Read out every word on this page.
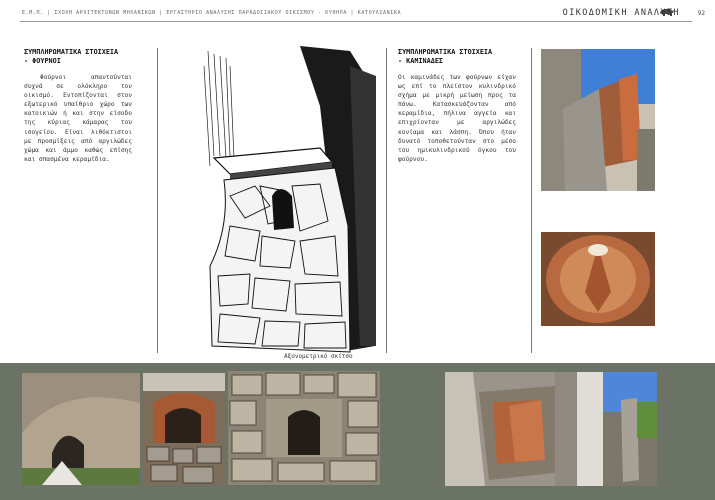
Ε.Μ.Π. | ΣΧΟΛΗ ΑΡΧΙΤΕΚΤΟΝΩΝ ΜΗΧΑΝΙΚΩΝ | ΕΡΓΑΣΤΗΡΙΟ ΑΝΑΛΥΣΗΣ ΠΑΡΑΔΟΣΙΑΚΟΥ ΟΙΚΙΣΜΟΥ - ΚΥΘΗΡΑ | ΚΑΤΟΥΛΙΑΝΙΚΑ	ΟΙΚΟΔΟΜΙΚΗ ΑΝΑΛΥΣΗ	92
ΣΥΜΠΛΗΡΩΜΑΤΙΚΑ ΣΤΟΙΧΕΙΑ
- ΦΟΥΡΝΟΙ
Φούρνοι απαντούνται συχνά σε ολόκληρο τον οικισμό. Εντοπίζονται στον εξωτερικό υπαίθριο χώρο των κατοικιών ή και στην είσοδο της κύριας κάμαρας του ισογείου. Είναι λιθόκτιστοι με προσμίξεις από αργιλώδες χώμα και άμμο καθώς επίσης και σπασμένα κεραμίδια.
Αξονομετρικό σκίτσο
ΣΥΜΠΛΗΡΩΜΑΤΙΚΑ ΣΤΟΙΧΕΙΑ
- ΚΑΜΙΝΑΔΕΣ
Οι καμινάδες των φούρνων είχαν ως επί το πλείστον κυλινδρικό σχήμα με μικρή μείωση προς τα πάνω. Κατασκευάζονταν από κεραμίδια, πήλινα αγγεία και επιχρίονταν με αργιλώδες κονίαμα και λάσπη. Όπου ήταν δυνατό τοποθετούνταν στο μέσο του ημικυλινδρικού όγκου του φούρνου.
